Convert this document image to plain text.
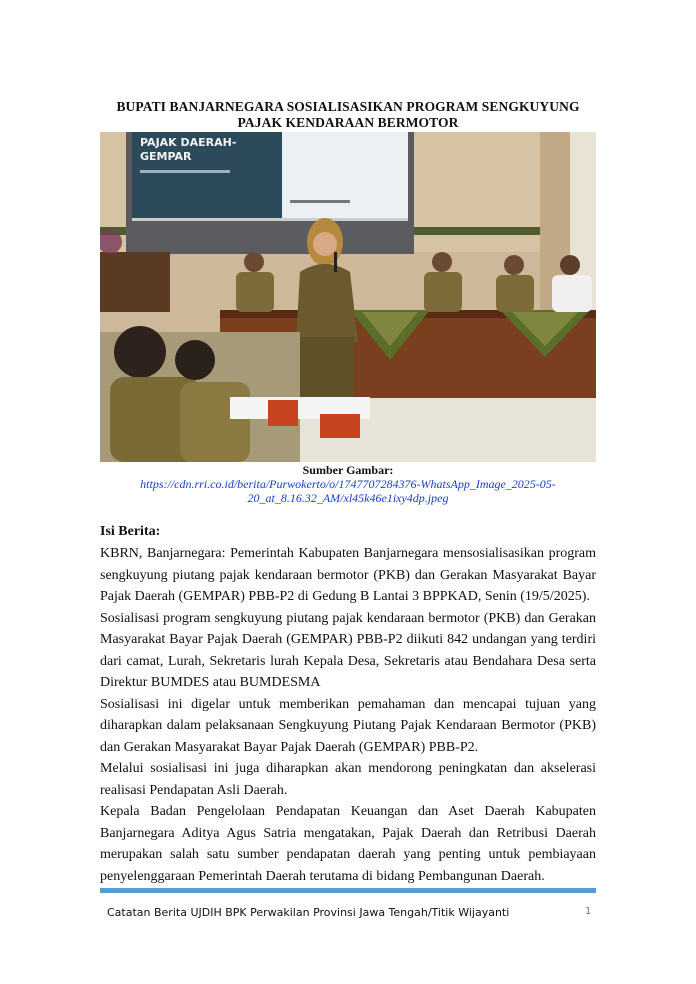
BUPATI BANJARNEGARA SOSIALISASIKAN PROGRAM SENGKUYUNG PAJAK KENDARAAN BERMOTOR
PAJAK DAERAH-
GEMPAR
Sumber Gambar:
https://cdn.rri.co.id/berita/Purwokerto/o/1747707284376-WhatsApp_Image_2025-05-20_at_8.16.32_AM/xl45k46e1ixy4dp.jpeg
Isi Berita:

KBRN, Banjarnegara: Pemerintah Kabupaten Banjarnegara mensosialisasikan program sengkuyung piutang pajak kendaraan bermotor (PKB) dan Gerakan Masyarakat Bayar Pajak Daerah (GEMPAR) PBB-P2 di Gedung B Lantai 3 BPPKAD, Senin (19/5/2025).

Sosialisasi program sengkuyung piutang pajak kendaraan bermotor (PKB) dan Gerakan Masyarakat Bayar Pajak Daerah (GEMPAR) PBB-P2 diikuti 842 undangan yang terdiri dari camat, Lurah, Sekretaris lurah Kepala Desa, Sekretaris atau Bendahara Desa serta Direktur BUMDES atau BUMDESMA

Sosialisasi ini digelar untuk memberikan pemahaman dan mencapai tujuan yang diharapkan dalam pelaksanaan Sengkuyung Piutang Pajak Kendaraan Bermotor (PKB) dan Gerakan Masyarakat Bayar Pajak Daerah (GEMPAR) PBB-P2.

Melalui sosialisasi ini juga diharapkan akan mendorong peningkatan dan akselerasi realisasi Pendapatan Asli Daerah.

Kepala Badan Pengelolaan Pendapatan Keuangan dan Aset Daerah Kabupaten Banjarnegara Aditya Agus Satria mengatakan, Pajak Daerah dan Retribusi Daerah merupakan salah satu sumber pendapatan daerah yang penting untuk pembiayaan penyelenggaraan Pemerintah Daerah terutama di bidang Pembangunan Daerah.

Catatan Berita UJDIH BPK Perwakilan Provinsi Jawa Tengah/Titik Wijayanti	1
